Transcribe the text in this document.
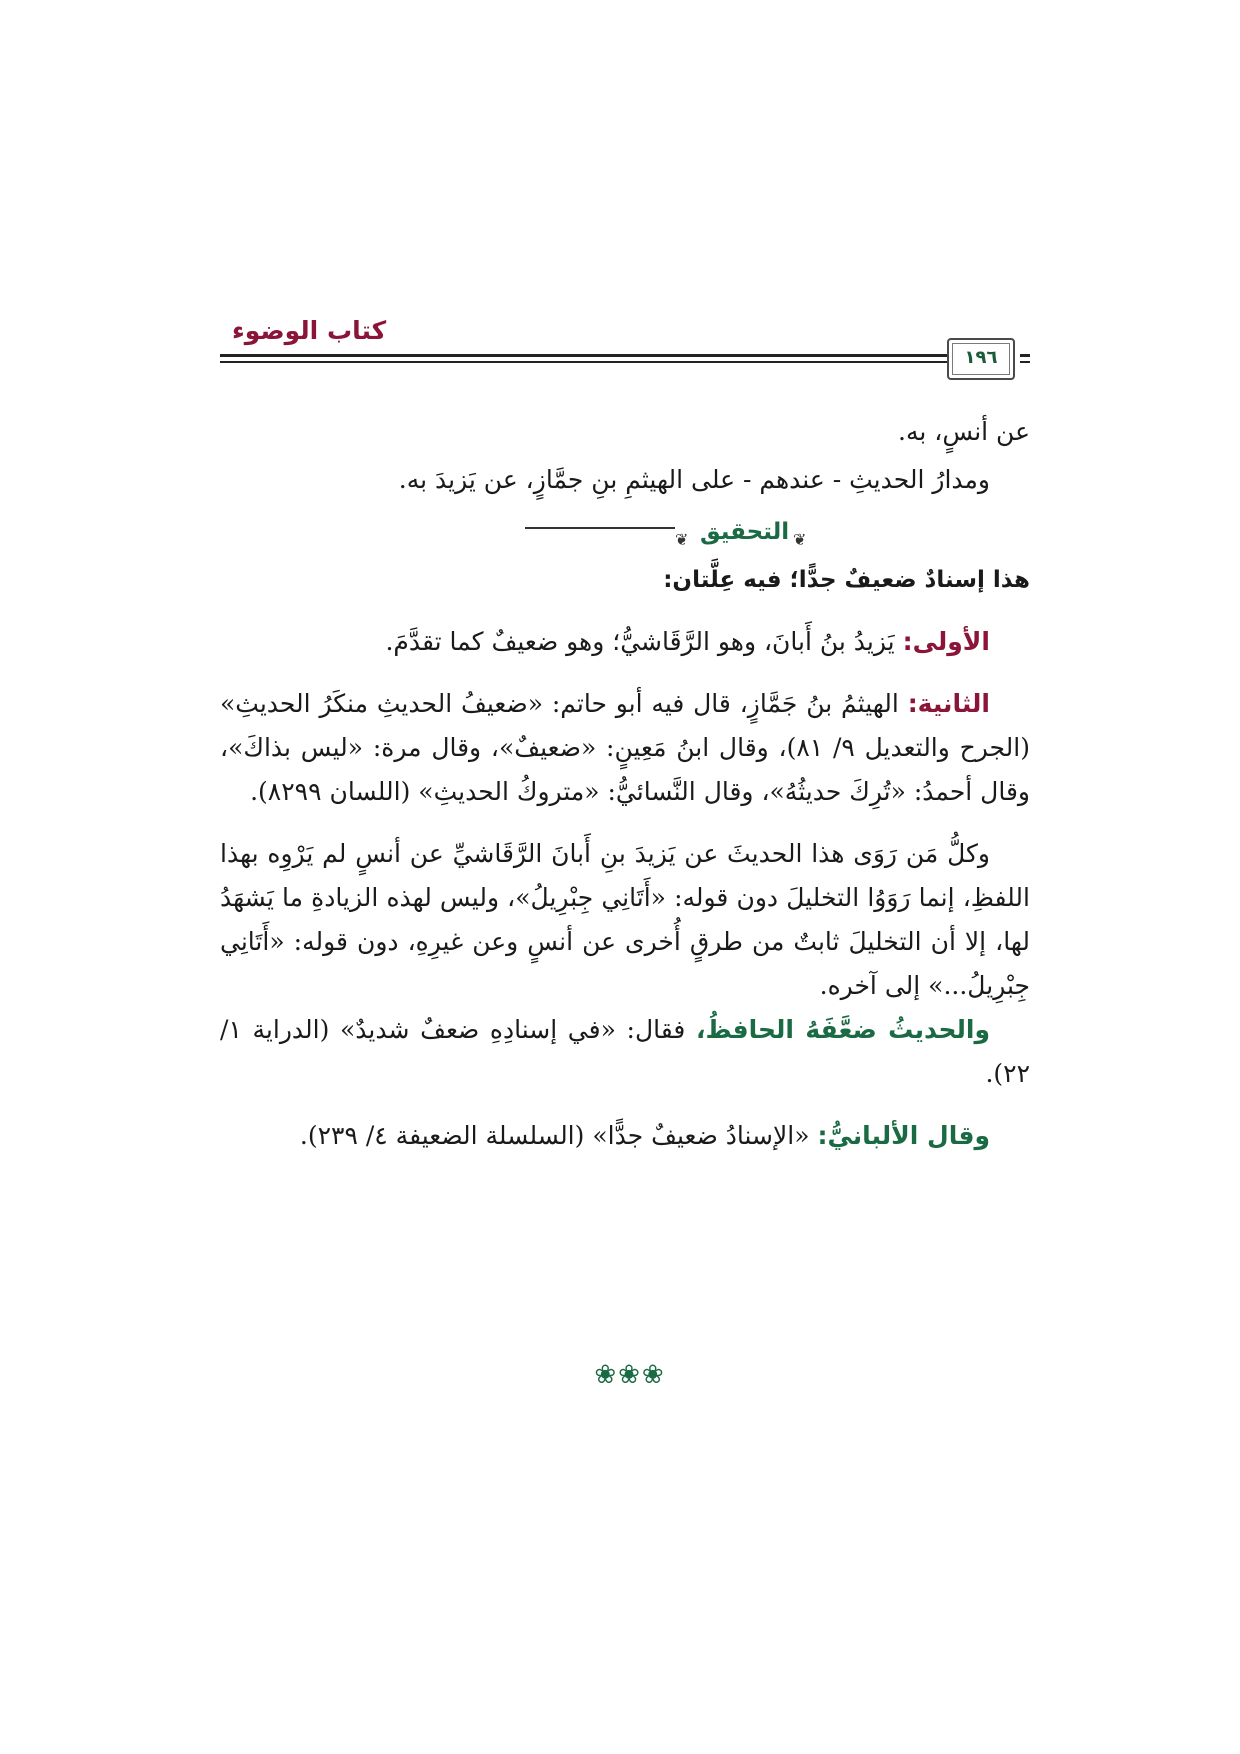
كتاب الوضوء
١٩٦

عن أنسٍ، به.

ومدارُ الحديثِ - عندهم - على الهيثمِ بنِ جمَّازٍ، عن يَزيدَ به.

❦ التحقيق ❦

هذا إسنادٌ ضعيفٌ جدًّا؛ فيه عِلَّتان:

الأولى: يَزيدُ بنُ أَبانَ، وهو الرَّقَاشيُّ؛ وهو ضعيفٌ كما تقدَّمَ.

الثانية: الهيثمُ بنُ جَمَّازٍ، قال فيه أبو حاتم: «ضعيفُ الحديثِ منكَرُ الحديثِ» (الجرح والتعديل ٩/ ٨١)، وقال ابنُ مَعِينٍ: «ضعيفٌ»، وقال مرة: «ليس بذاكَ»، وقال أحمدُ: «تُرِكَ حديثُهُ»، وقال النَّسائيُّ: «متروكُ الحديثِ» (اللسان ٨٢٩٩).

وكلُّ مَن رَوَى هذا الحديثَ عن يَزيدَ بنِ أَبانَ الرَّقَاشيِّ عن أنسٍ لم يَرْوِه بهذا اللفظِ، إنما رَوَوُا التخليلَ دون قوله: «أَتَانِي جِبْرِيلُ»، وليس لهذه الزيادةِ ما يَشهَدُ لها، إلا أن التخليلَ ثابتٌ من طرقٍ أُخرى عن أنسٍ وعن غيرِهِ، دون قوله: «أَتَانِي جِبْرِيلُ...» إلى آخره.

والحديثُ ضعَّفَهُ الحافظُ، فقال: «في إسنادِهِ ضعفٌ شديدٌ» (الدراية ١/ ٢٢).

وقال الألبانيُّ: «الإسنادُ ضعيفٌ جدًّا» (السلسلة الضعيفة ٤/ ٢٣٩).

❀❀❀
